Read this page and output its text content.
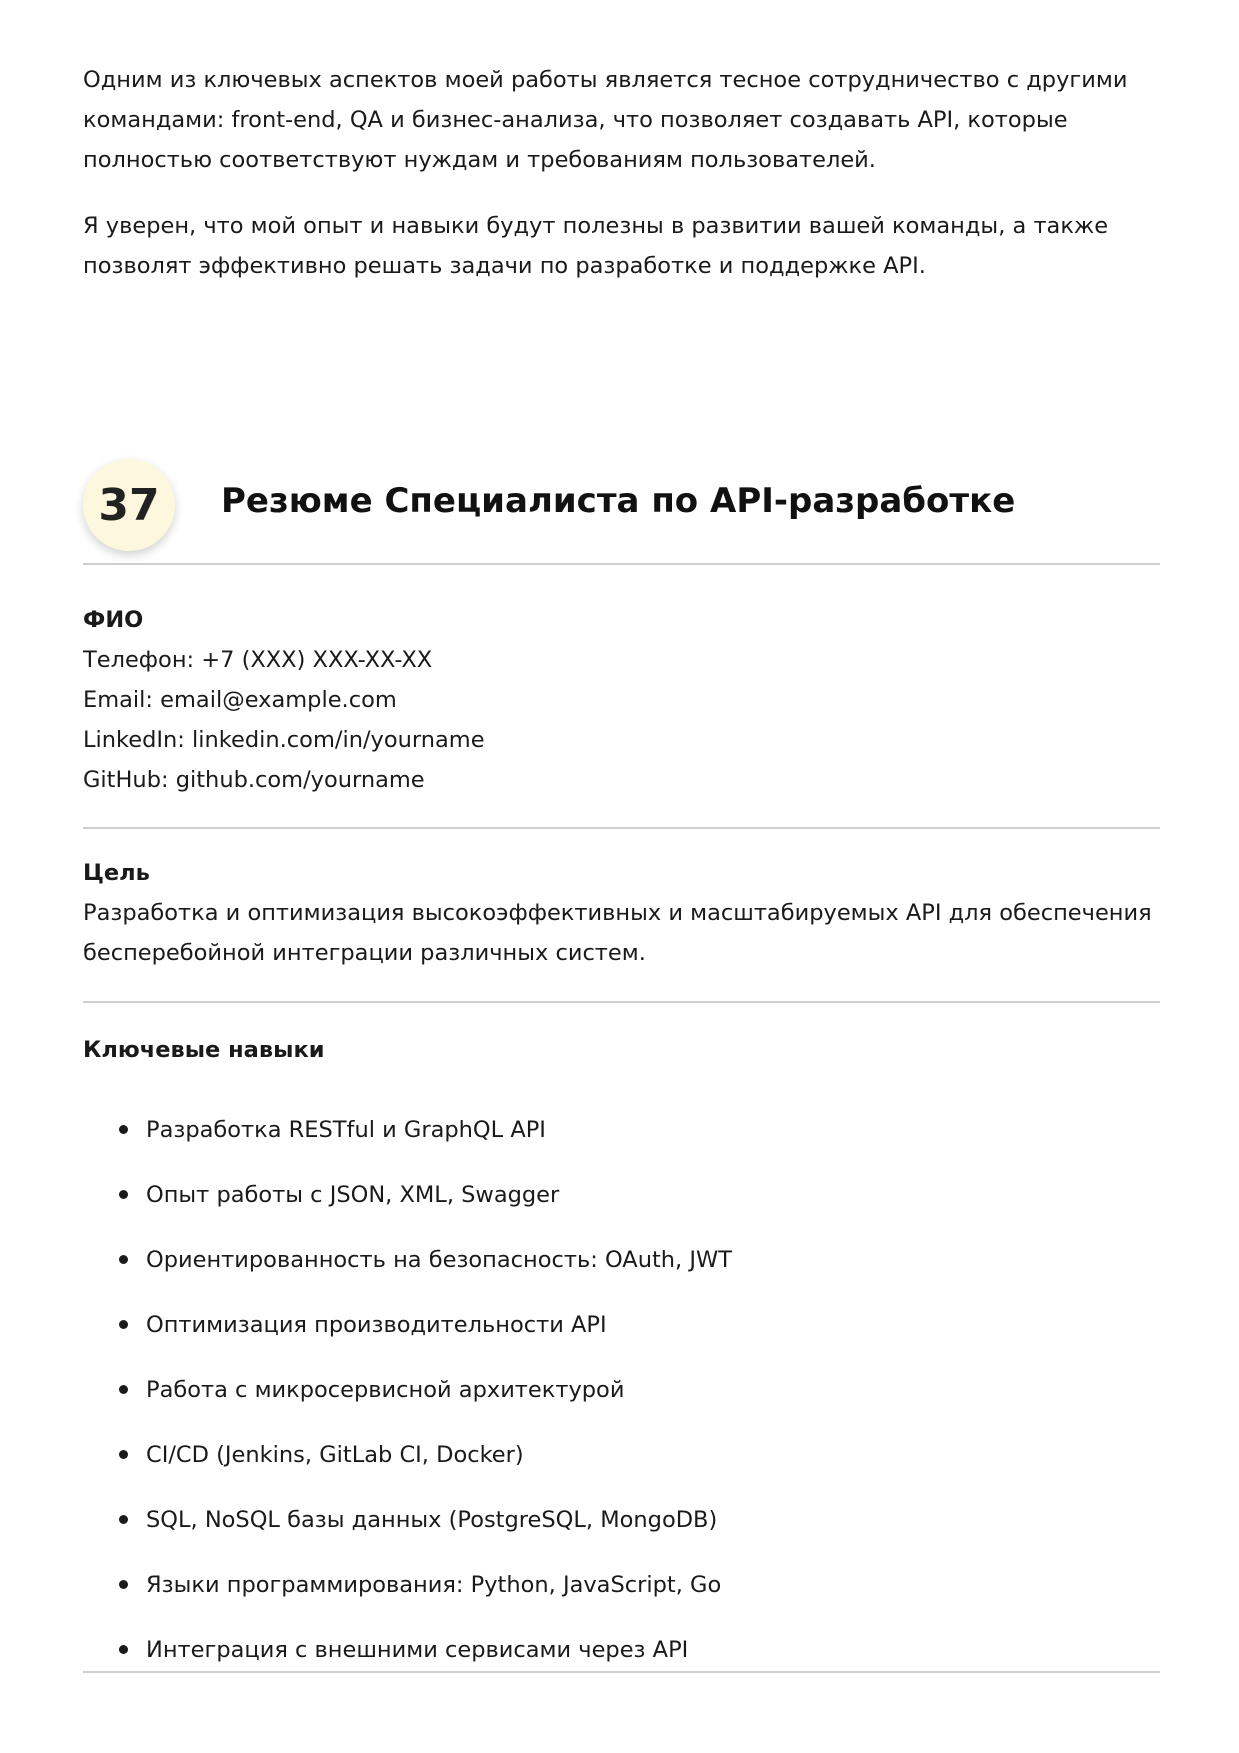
Одним из ключевых аспектов моей работы является тесное сотрудничество с другими командами: front-end, QA и бизнес-анализа, что позволяет создавать API, которые полностью соответствуют нуждам и требованиям пользователей.

Я уверен, что мой опыт и навыки будут полезны в развитии вашей команды, а также позволят эффективно решать задачи по разработке и поддержке API.

37	Резюме Специалиста по API-разработке

ФИО

Телефон: +7 (XXX) XXX-XX-XX

Email: email@example.com

LinkedIn: linkedin.com/in/yourname

GitHub: github.com/yourname

Цель

Разработка и оптимизация высокоэффективных и масштабируемых API для обеспечения бесперебойной интеграции различных систем.

Ключевые навыки

Разработка RESTful и GraphQL API
Опыт работы с JSON, XML, Swagger
Ориентированность на безопасность: OAuth, JWT
Оптимизация производительности API
Работа с микросервисной архитектурой
CI/CD (Jenkins, GitLab CI, Docker)
SQL, NoSQL базы данных (PostgreSQL, MongoDB)
Языки программирования: Python, JavaScript, Go
Интеграция с внешними сервисами через API
